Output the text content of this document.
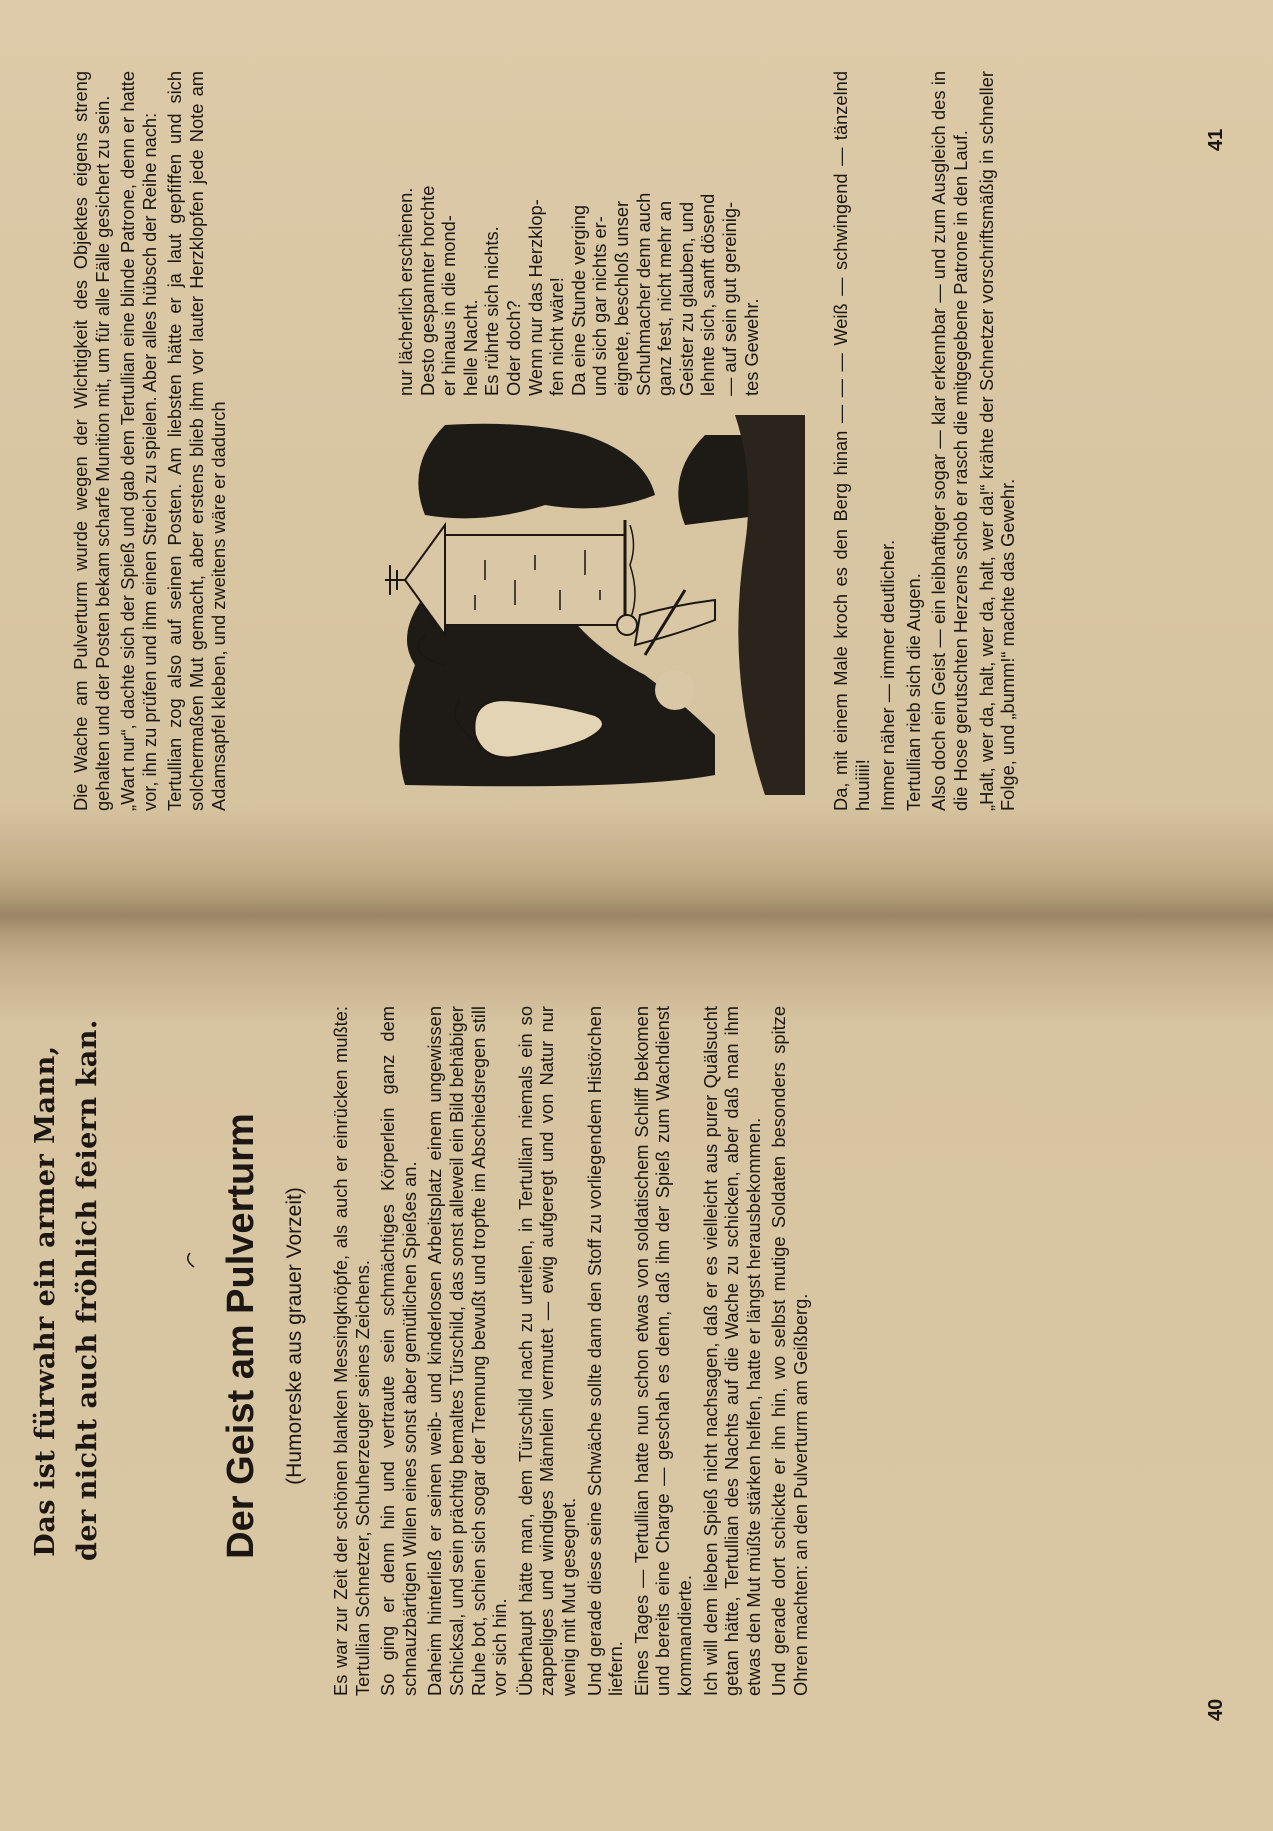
Das ist fürwahr ein armer Mann, der nicht auch fröhlich feiern kan.	Der Geist am Pulverturm (Humoreske aus grauer Vorzeit) Es war zur Zeit der schönen blanken Messingknöpfe, als auch er einrücken mußte: Tertullian Schnetzer, Schuherzeuger seines Zeichens. So ging er denn hin und vertraute sein schmächtiges Körperlein ganz dem schnauzbärtigen Willen eines sonst aber gemütlichen Spießes an. Daheim hinterließ er seinen weib- und kinderlosen Arbeitsplatz einem ungewissen Schicksal, und sein prächtig bemaltes Türschild, das sonst alleweil ein Bild behäbiger Ruhe bot, schien sich sogar der Trennung bewußt und tropfte im Abschiedsregen still vor sich hin. Überhaupt hätte man, dem Türschild nach zu urteilen, in Tertullian niemals ein so zappeliges und windiges Männlein vermutet — ewig aufgeregt und von Natur nur wenig mit Mut gesegnet. Und gerade diese seine Schwäche sollte dann den Stoff zu vorliegendem Histörchen liefern. Eines Tages — Tertullian hatte nun schon etwas von soldatischem Schliff bekomen und bereits eine Charge — geschah es denn, daß ihn der Spieß zum Wachdienst kommandierte. Ich will dem lieben Spieß nicht nachsagen, daß er es vielleicht aus purer Quälsucht getan hätte, Tertullian des Nachts auf die Wache zu schicken, aber daß man ihm etwas den Mut müßte stärken helfen, hatte er längst herausbekommen. Und gerade dort schickte er ihn hin, wo selbst mutige Soldaten besonders spitze Ohren machten: an den Pulverturm am Geißberg.

40

Die Wache am Pulverturm wurde wegen der Wichtigkeit des Objektes eigens streng gehalten und der Posten bekam scharfe Munition mit, um für alle Fälle gesichert zu sein. „Wart nur“, dachte sich der Spieß und gab dem Tertullian eine blinde Patrone, denn er hatte vor, ihn zu prüfen und ihm einen Streich zu spielen. Aber alles hübsch der Reihe nach: Tertullian zog also auf seinen Posten. Am liebsten hätte er ja laut gepfiffen und sich solchermaßen Mut gemacht, aber erstens blieb ihm vor lauter Herzklopfen jede Note am Adamsapfel kleben, und zweitens wäre er dadurch

nur lächerlich erschienen. Desto gespannter horchte er hinaus in die mond- helle Nacht. Es rührte sich nichts. Oder doch? Wenn nur das Herzklop- fen nicht wäre! Da eine Stunde verging und sich gar nichts er- eignete, beschloß unser Schuhmacher denn auch ganz fest, nicht mehr an Geister zu glauben, und lehnte sich, sanft dösend — auf sein gut gereinig- tes Gewehr.	Da, mit einem Male kroch es den Berg hinan — — — Weiß — schwingend — tänzelnd huuiiii! Immer näher — immer deutlicher. Tertullian rieb sich die Augen. Also doch ein Geist — ein leibhaftiger sogar — klar erkennbar — und zum Ausgleich des in die Hose gerutschten Herzens schob er rasch die mitgegebene Patrone in den Lauf. „Halt, wer da, halt, wer da, halt, wer da!“ krähte der Schnetzer vorschriftsmäßig in schneller Folge, und „bumm!“ machte das Gewehr.

41
